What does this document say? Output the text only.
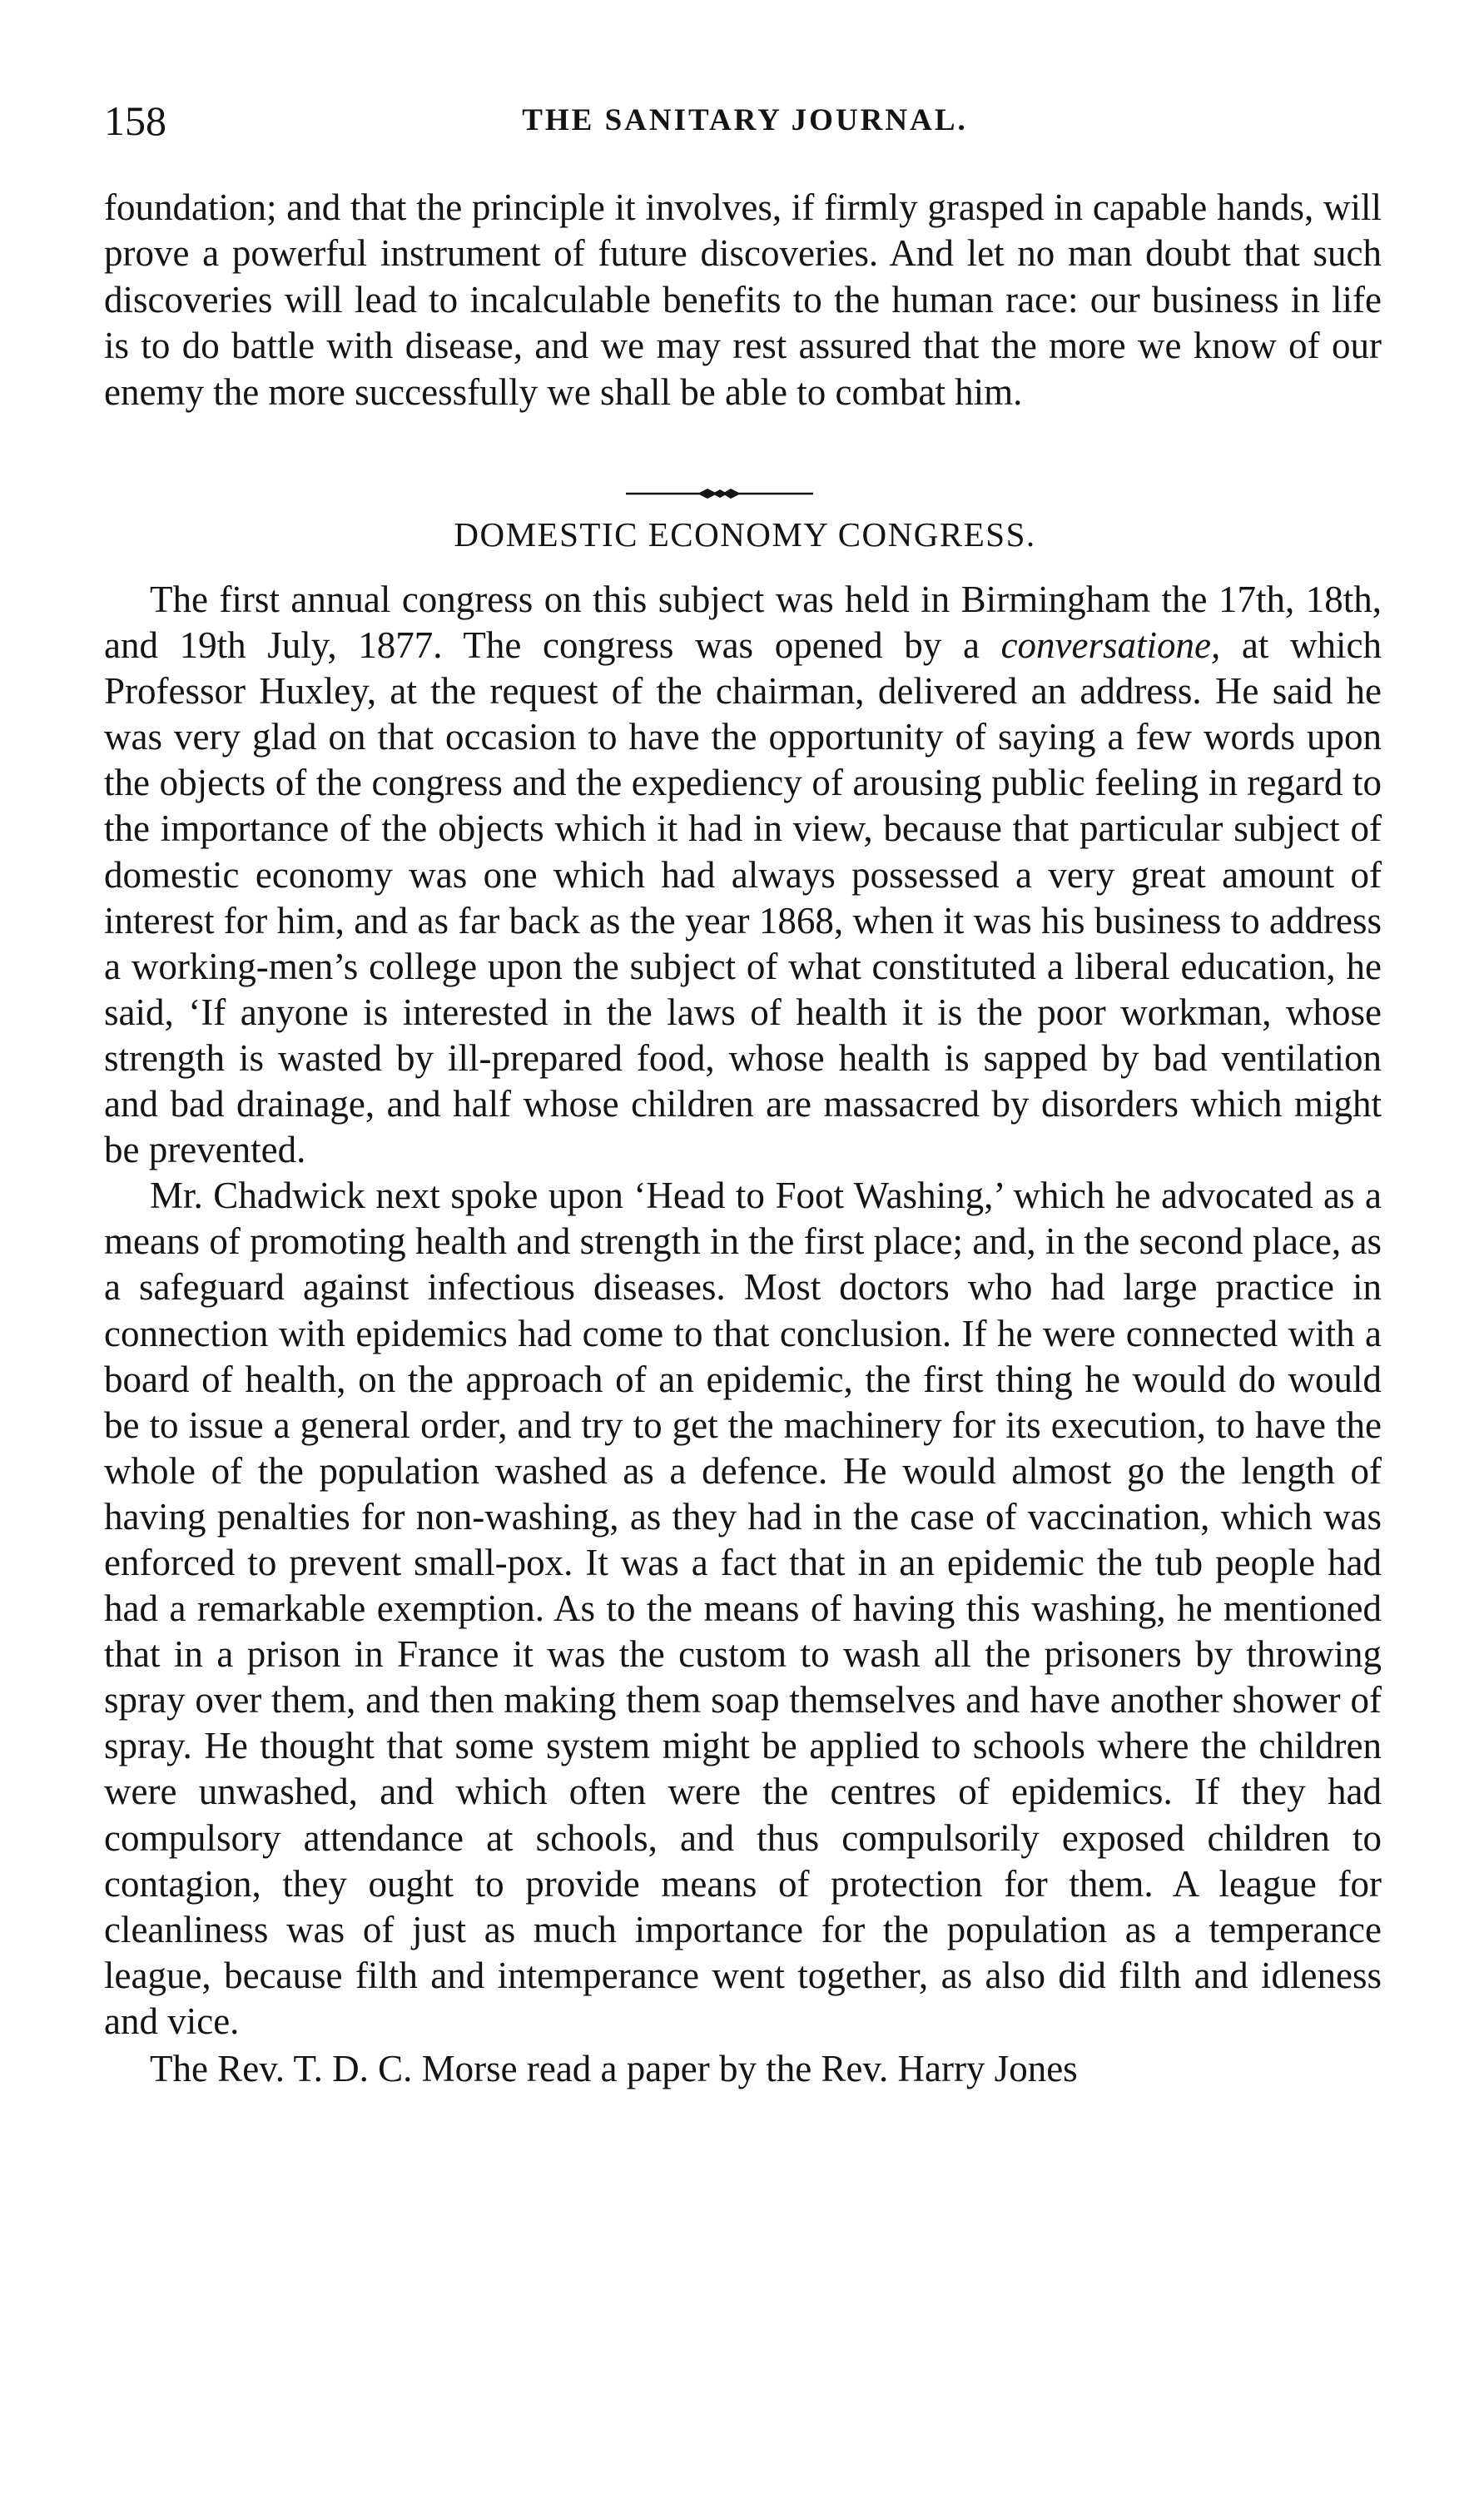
158	THE SANITARY JOURNAL.

foundation; and that the principle it involves, if firmly grasped in capable hands, will prove a powerful instrument of future discoveries. And let no man doubt that such discoveries will lead to incalculable benefits to the human race: our business in life is to do battle with disease, and we may rest assured that the more we know of our enemy the more successfully we shall be able to combat him.

DOMESTIC ECONOMY CONGRESS.

The first annual congress on this subject was held in Birmingham the 17th, 18th, and 19th July, 1877. The congress was opened by a conversatione, at which Professor Huxley, at the request of the chairman, delivered an address. He said he was very glad on that occasion to have the opportunity of saying a few words upon the objects of the congress and the expediency of arousing public feeling in regard to the importance of the objects which it had in view, because that particular subject of domestic economy was one which had always possessed a very great amount of interest for him, and as far back as the year 1868, when it was his business to address a working-men’s college upon the subject of what constituted a liberal education, he said, ‘If anyone is interested in the laws of health it is the poor workman, whose strength is wasted by ill-prepared food, whose health is sapped by bad ventilation and bad drainage, and half whose children are massacred by disorders which might be prevented.

Mr. Chadwick next spoke upon ‘Head to Foot Washing,’ which he advocated as a means of promoting health and strength in the first place; and, in the second place, as a safeguard against infectious diseases. Most doctors who had large practice in connection with epidemics had come to that conclusion. If he were connected with a board of health, on the approach of an epidemic, the first thing he would do would be to issue a general order, and try to get the machinery for its execution, to have the whole of the population washed as a defence. He would almost go the length of having penalties for non-washing, as they had in the case of vaccination, which was enforced to prevent small-pox. It was a fact that in an epidemic the tub people had had a remarkable exemption. As to the means of having this washing, he mentioned that in a prison in France it was the custom to wash all the prisoners by throwing spray over them, and then making them soap themselves and have another shower of spray. He thought that some system might be applied to schools where the children were unwashed, and which often were the centres of epidemics. If they had compulsory attendance at schools, and thus compulsorily exposed children to contagion, they ought to provide means of protection for them. A league for cleanliness was of just as much importance for the population as a temperance league, because filth and intemperance went together, as also did filth and idleness and vice.

The Rev. T. D. C. Morse read a paper by the Rev. Harry Jones
